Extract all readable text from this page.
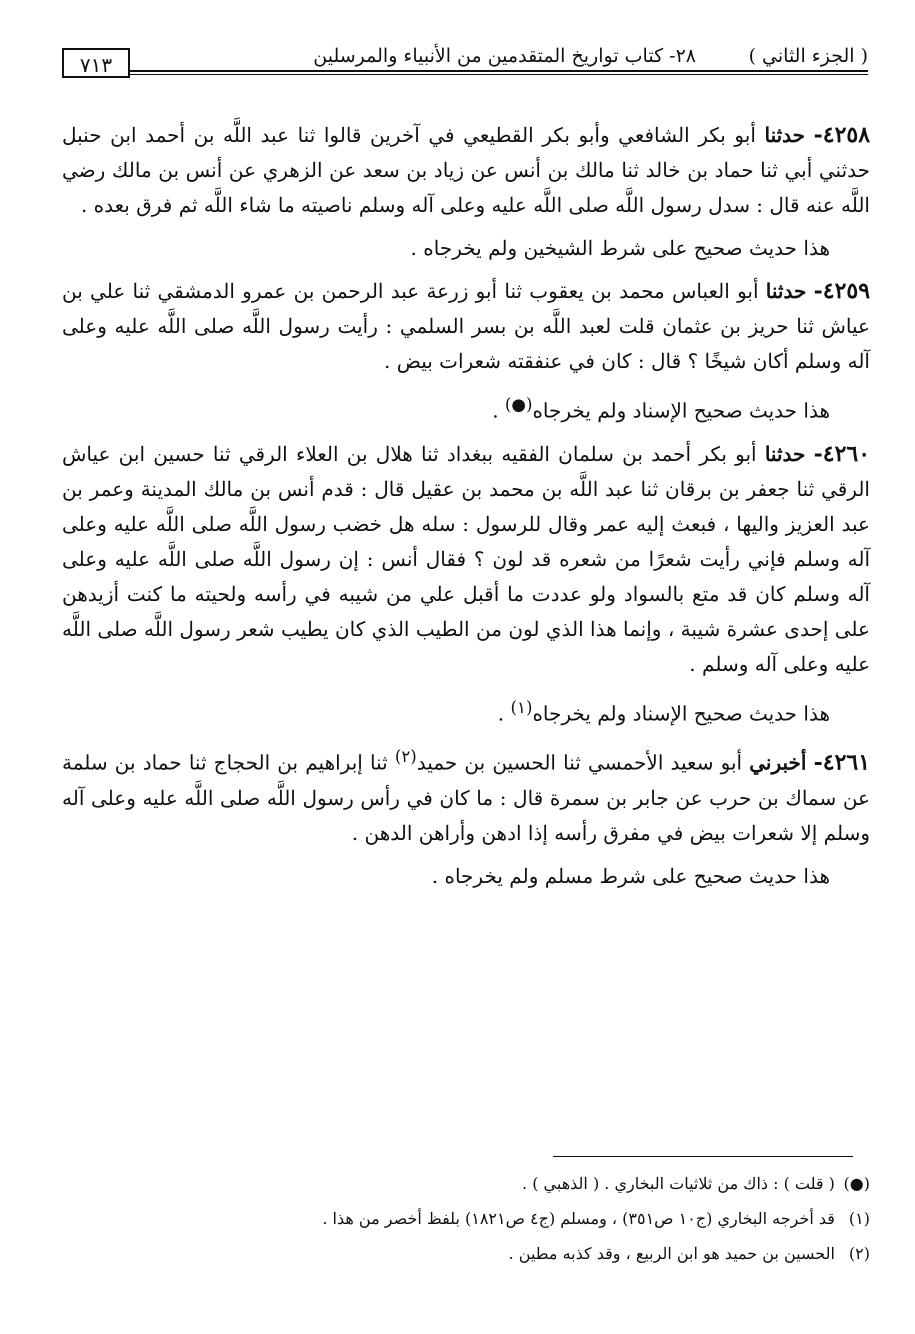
( الجزء الثاني )
٢٨- كتاب تواريخ المتقدمين من الأنبياء والمرسلين
٧١٣

٤٢٥٨- حدثنا أبو بكر الشافعي وأبو بكر القطيعي في آخرين قالوا ثنا عبد اللَّه بن أحمد ابن حنبل حدثني أبي ثنا حماد بن خالد ثنا مالك بن أنس عن زياد بن سعد عن الزهري عن أنس بن مالك رضي اللَّه عنه قال : سدل رسول اللَّه صلى اللَّه عليه وعلى آله وسلم ناصيته ما شاء اللَّه ثم فرق بعده .

هذا حديث صحيح على شرط الشيخين ولم يخرجاه .

٤٢٥٩- حدثنا أبو العباس محمد بن يعقوب ثنا أبو زرعة عبد الرحمن بن عمرو الدمشقي ثنا علي بن عياش ثنا حريز بن عثمان قلت لعبد اللَّه بن بسر السلمي : رأيت رسول اللَّه صلى اللَّه عليه وعلى آله وسلم أكان شيخًا ؟ قال : كان في عنفقته شعرات بيض .

هذا حديث صحيح الإسناد ولم يخرجاه(●) .

٤٢٦٠- حدثنا أبو بكر أحمد بن سلمان الفقيه ببغداد ثنا هلال بن العلاء الرقي ثنا حسين ابن عياش الرقي ثنا جعفر بن برقان ثنا عبد اللَّه بن محمد بن عقيل قال : قدم أنس بن مالك المدينة وعمر بن عبد العزيز واليها ، فبعث إليه عمر وقال للرسول : سله هل خضب رسول اللَّه صلى اللَّه عليه وعلى آله وسلم فإني رأيت شعرًا من شعره قد لون ؟ فقال أنس : إن رسول اللَّه صلى اللَّه عليه وعلى آله وسلم كان قد متع بالسواد ولو عددت ما أقبل علي من شيبه في رأسه ولحيته ما كنت أزيدهن على إحدى عشرة شيبة ، وإنما هذا الذي لون من الطيب الذي كان يطيب شعر رسول اللَّه صلى اللَّه عليه وعلى آله وسلم .

هذا حديث صحيح الإسناد ولم يخرجاه$^{(١)}$ .

٤٢٦١- أخبرني أبو سعيد الأحمسي ثنا الحسين بن حميد$^{(٢)}$ ثنا إبراهيم بن الحجاج ثنا حماد بن سلمة عن سماك بن حرب عن جابر بن سمرة قال : ما كان في رأس رسول اللَّه صلى اللَّه عليه وعلى آله وسلم إلا شعرات بيض في مفرق رأسه إذا ادهن وأراهن الدهن .

هذا حديث صحيح على شرط مسلم ولم يخرجاه .

(●) ( قلت ) : ذاك من ثلاثيات البخاري . ( الذهبي ) .
(١) قد أخرجه البخاري (ج١٠ ص٣٥١) ، ومسلم (ج٤ ص١٨٢١) بلفظ أخصر من هذا .
(٢) الحسين بن حميد هو ابن الربيع ، وقد كذبه مطين .
